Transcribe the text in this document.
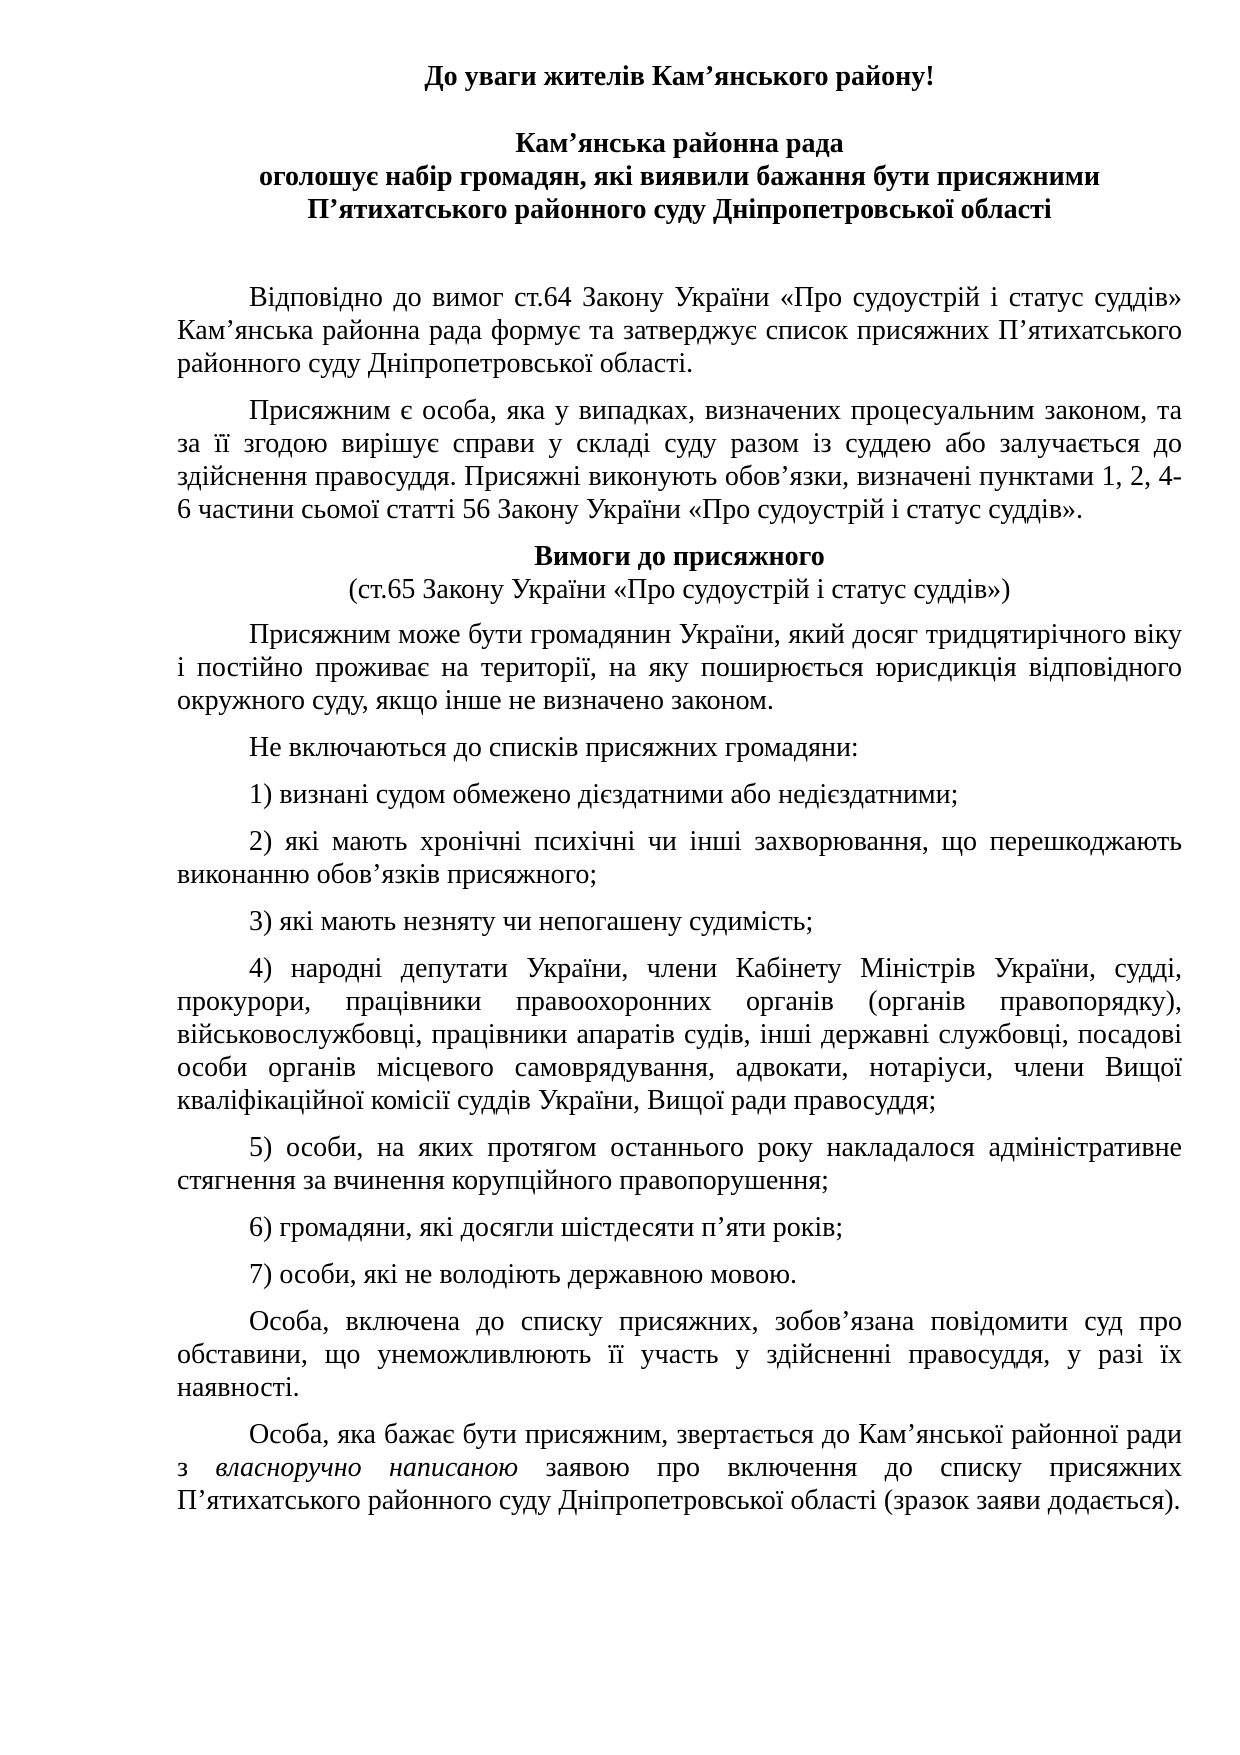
До уваги жителів Кам’янського району!
Кам’янська районна рада
оголошує набір громадян, які виявили бажання бути присяжними
П’ятихатського районного суду Дніпропетровської області

Відповідно до вимог ст.64 Закону України «Про судоустрій і статус суддів» Кам’янська районна рада формує та затверджує список присяжних П’ятихатського районного суду Дніпропетровської області.

Присяжним є особа, яка у випадках, визначених процесуальним законом, та за її згодою вирішує справи у складі суду разом із суддею або залучається до здійснення правосуддя. Присяжні виконують обов’язки, визначені пунктами 1, 2, 4-6 частини сьомої статті 56 Закону України «Про судоустрій і статус суддів».

Вимоги до присяжного
(ст.65 Закону України «Про судоустрій і статус суддів»)

Присяжним може бути громадянин України, який досяг тридцятирічного віку і постійно проживає на території, на яку поширюється юрисдикція відповідного окружного суду, якщо інше не визначено законом.

Не включаються до списків присяжних громадяни:

1) визнані судом обмежено дієздатними або недієздатними;

2) які мають хронічні психічні чи інші захворювання, що перешкоджають виконанню обов’язків присяжного;

3) які мають незняту чи непогашену судимість;

4) народні депутати України, члени Кабінету Міністрів України, судді, прокурори, працівники правоохоронних органів (органів правопорядку), військовослужбовці, працівники апаратів судів, інші державні службовці, посадові особи органів місцевого самоврядування, адвокати, нотаріуси, члени Вищої кваліфікаційної комісії суддів України, Вищої ради правосуддя;

5) особи, на яких протягом останнього року накладалося адміністративне стягнення за вчинення корупційного правопорушення;

6) громадяни, які досягли шістдесяти п’яти років;

7) особи, які не володіють державною мовою.

Особа, включена до списку присяжних, зобов’язана повідомити суд про обставини, що унеможливлюють її участь у здійсненні правосуддя, у разі їх наявності.

Особа, яка бажає бути присяжним, звертається до Кам’янської районної ради з власноручно написаною заявою про включення до списку присяжних П’ятихатського районного суду Дніпропетровської області (зразок заяви додається).
